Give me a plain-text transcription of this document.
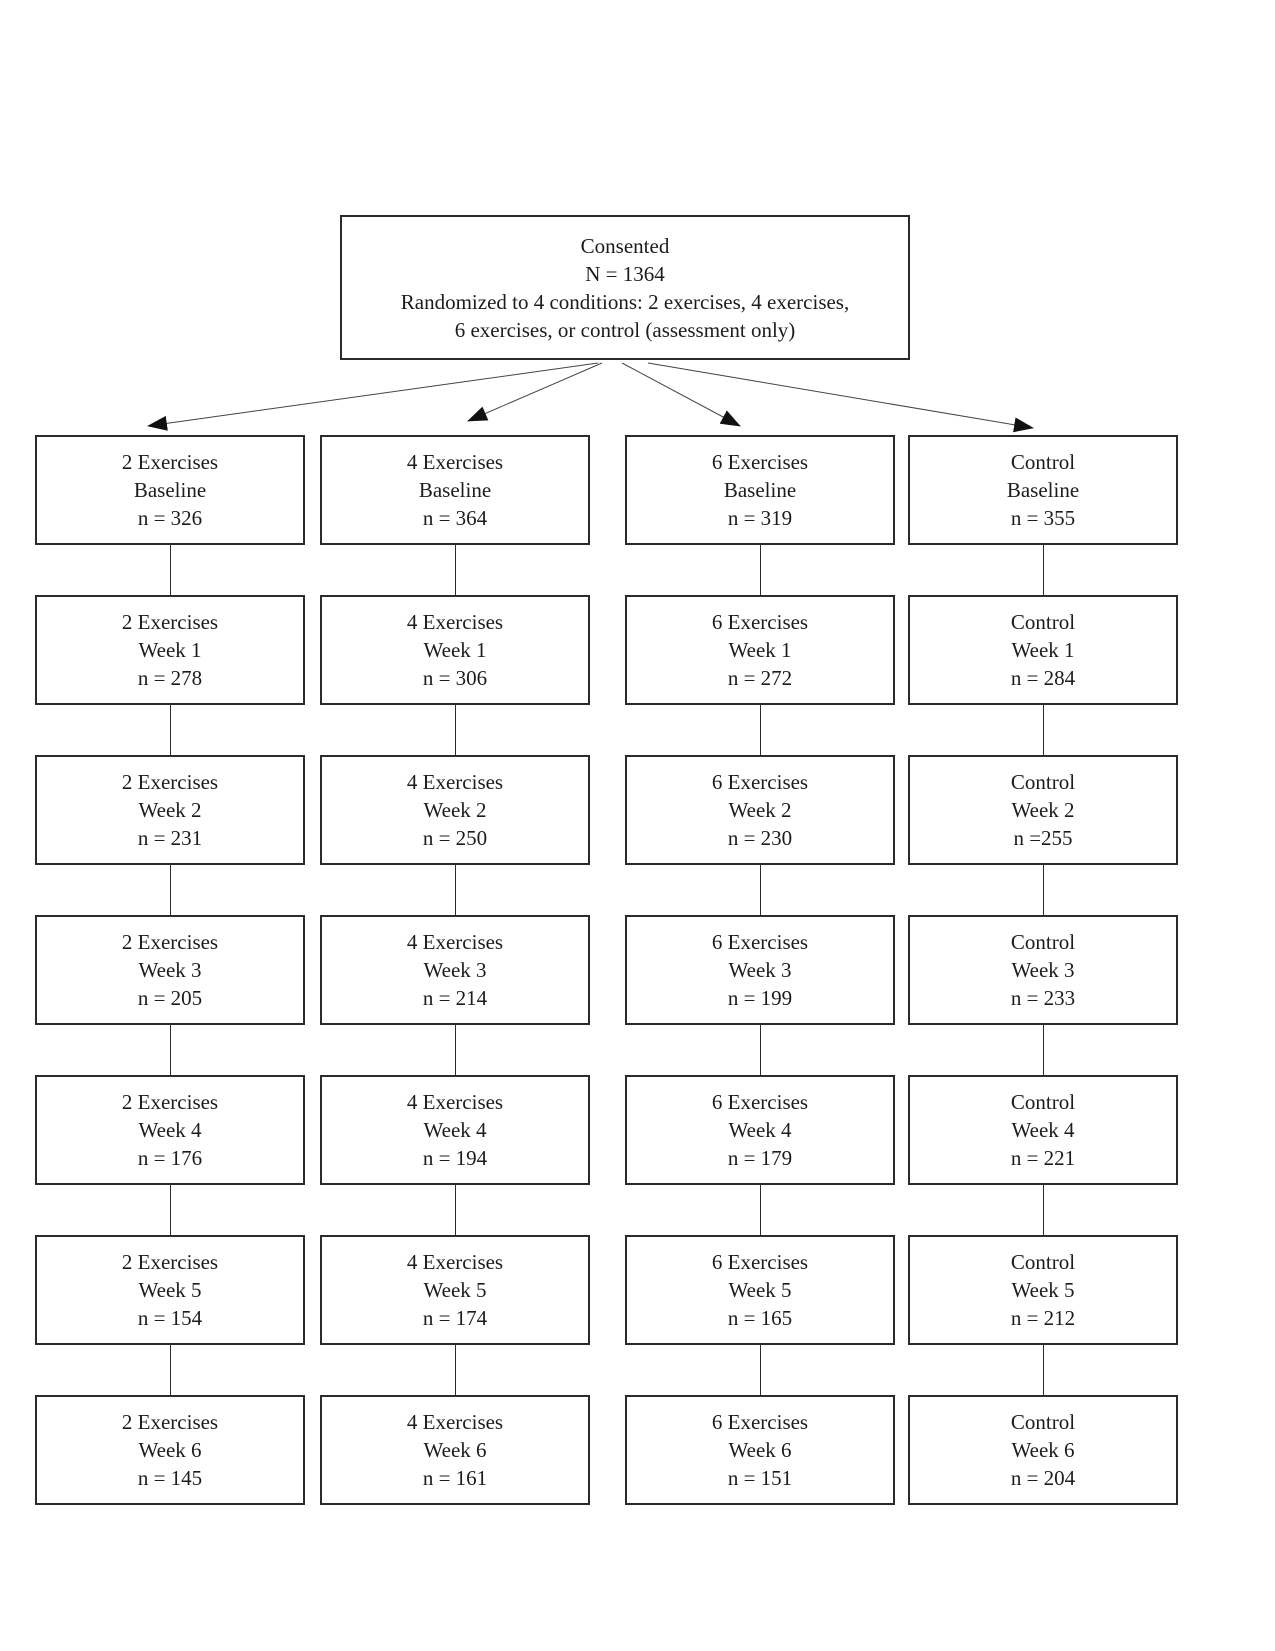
Consented
N = 1364
Randomized to 4 conditions: 2 exercises, 4 exercises,
6 exercises, or control (assessment only)
2 Exercises
Baseline
n = 326
2 Exercises
Week 1
n = 278
2 Exercises
Week 2
n = 231
2 Exercises
Week 3
n = 205
2 Exercises
Week 4
n = 176
2 Exercises
Week 5
n = 154
2 Exercises
Week 6
n = 145
4 Exercises
Baseline
n = 364
4 Exercises
Week 1
n = 306
4 Exercises
Week 2
n = 250
4 Exercises
Week 3
n = 214
4 Exercises
Week 4
n = 194
4 Exercises
Week 5
n = 174
4 Exercises
Week 6
n = 161
6 Exercises
Baseline
n = 319
6 Exercises
Week 1
n = 272
6 Exercises
Week 2
n = 230
6 Exercises
Week 3
n = 199
6 Exercises
Week 4
n = 179
6 Exercises
Week 5
n = 165
6 Exercises
Week 6
n = 151
Control
Baseline
n = 355
Control
Week 1
n = 284
Control
Week 2
n =255
Control
Week 3
n = 233
Control
Week 4
n = 221
Control
Week 5
n = 212
Control
Week 6
n = 204
